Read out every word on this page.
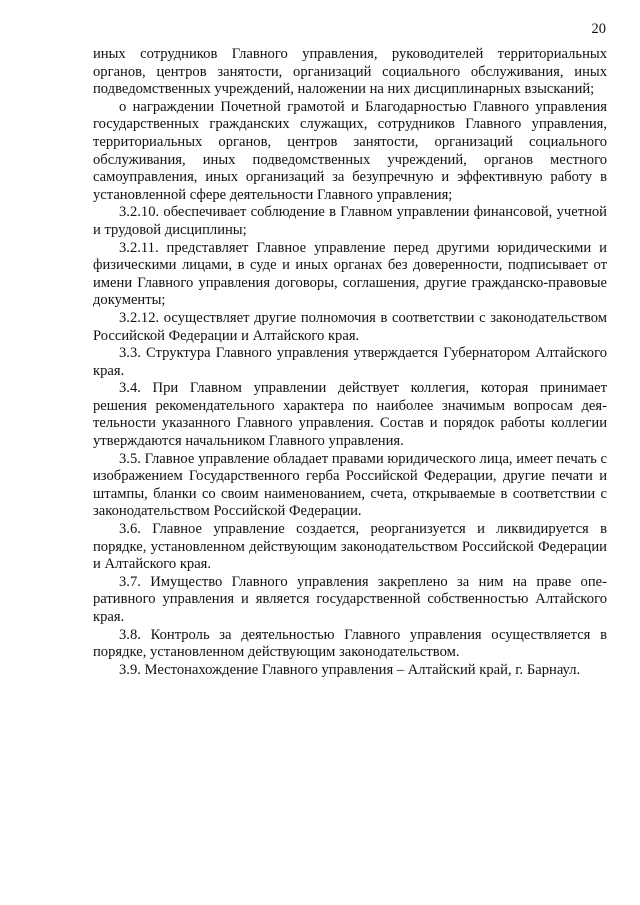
20

иных сотрудников Главного управления, руководителей территориальных органов, центров занятости, организаций социального обслуживания, иных подведомственных учреждений, наложении на них дисциплинарных взысканий;

о награждении Почетной грамотой и Благодарностью Главного управления государственных гражданских служащих, сотрудников Главного управления, территориальных органов, центров занятости, организаций социального обслуживания, иных подведомственных учреждений, органов местного самоуправления, иных организаций за безупречную и эффективную работу в установленной сфере деятельности Главного управления;

3.2.10. обеспечивает соблюдение в Главном управлении финансовой, учетной и трудовой дисциплины;

3.2.11. представляет Главное управление перед другими юридическими и физическими лицами, в суде и иных органах без доверенности, подписывает от имени Главного управления договоры, соглашения, другие гражданско-правовые документы;

3.2.12. осуществляет другие полномочия в соответствии с законодательством Российской Федерации и Алтайского края.

3.3. Структура Главного управления утверждается Губернатором Алтайского края.

3.4. При Главном управлении действует коллегия, которая принимает решения рекомендательного характера по наиболее значимым вопросам деятельности указанного Главного управления. Состав и порядок работы коллегии утверждаются начальником Главного управления.

3.5. Главное управление обладает правами юридического лица, имеет печать с изображением Государственного герба Российской Федерации, другие печати и штампы, бланки со своим наименованием, счета, открываемые в соответствии с законодательством Российской Федерации.

3.6. Главное управление создается, реорганизуется и ликвидируется в порядке, установленном действующим законодательством Российской Федерации и Алтайского края.

3.7. Имущество Главного управления закреплено за ним на праве оперативного управления и является государственной собственностью Алтайского края.

3.8. Контроль за деятельностью Главного управления осуществляется в порядке, установленном действующим законодательством.

3.9. Местонахождение Главного управления – Алтайский край, г. Барнаул.
